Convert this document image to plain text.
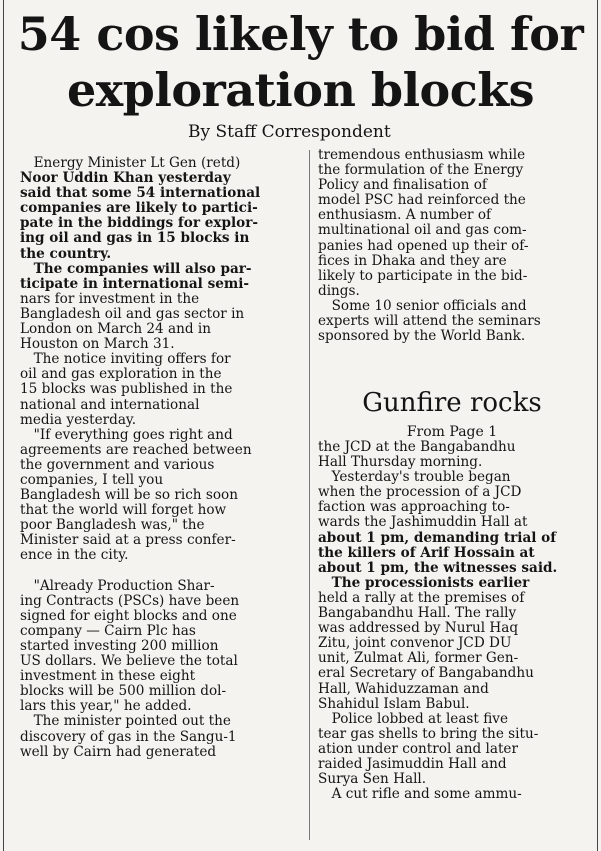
54 cos likely to bid for
exploration blocks
By Staff Correspondent
 Energy Minister Lt Gen (retd)
Noor Uddin Khan yesterday
said that some 54 international
companies are likely to partici-
pate in the biddings for explor-
ing oil and gas in 15 blocks in
the country.
 The companies will also par-
ticipate in international semi-
nars for investment in the
Bangladesh oil and gas sector in
London on March 24 and in
Houston on March 31.
 The notice inviting offers for
oil and gas exploration in the
15 blocks was published in the
national and international
media yesterday.
 "If everything goes right and
agreements are reached between
the government and various
companies, I tell you
Bangladesh will be so rich soon
that the world will forget how
poor Bangladesh was," the
Minister said at a press confer-
ence in the city.
 "Already Production Shar-
ing Contracts (PSCs) have been
signed for eight blocks and one
company — Cairn Plc has
started investing 200 million
US dollars. We believe the total
investment in these eight
blocks will be 500 million dol-
lars this year," he added.
 The minister pointed out the
discovery of gas in the Sangu-1
well by Cairn had generated
tremendous enthusiasm while
the formulation of the Energy
Policy and finalisation of
model PSC had reinforced the
enthusiasm. A number of
multinational oil and gas com-
panies had opened up their of-
fices in Dhaka and they are
likely to participate in the bid-
dings.
 Some 10 senior officials and
experts will attend the seminars
sponsored by the World Bank.
Gunfire rocks
From Page 1
the JCD at the Bangabandhu
Hall Thursday morning.
 Yesterday's trouble began
when the procession of a JCD
faction was approaching to-
wards the Jashimuddin Hall at
about 1 pm, demanding trial of
the killers of Arif Hossain at
about 1 pm, the witnesses said.
 The processionists earlier
held a rally at the premises of
Bangabandhu Hall. The rally
was addressed by Nurul Haq
Zitu, joint convenor JCD DU
unit, Zulmat Ali, former Gen-
eral Secretary of Bangabandhu
Hall, Wahiduzzaman and
Shahidul Islam Babul.
 Police lobbed at least five
tear gas shells to bring the situ-
ation under control and later
raided Jasimuddin Hall and
Surya Sen Hall.
 A cut rifle and some ammu-
